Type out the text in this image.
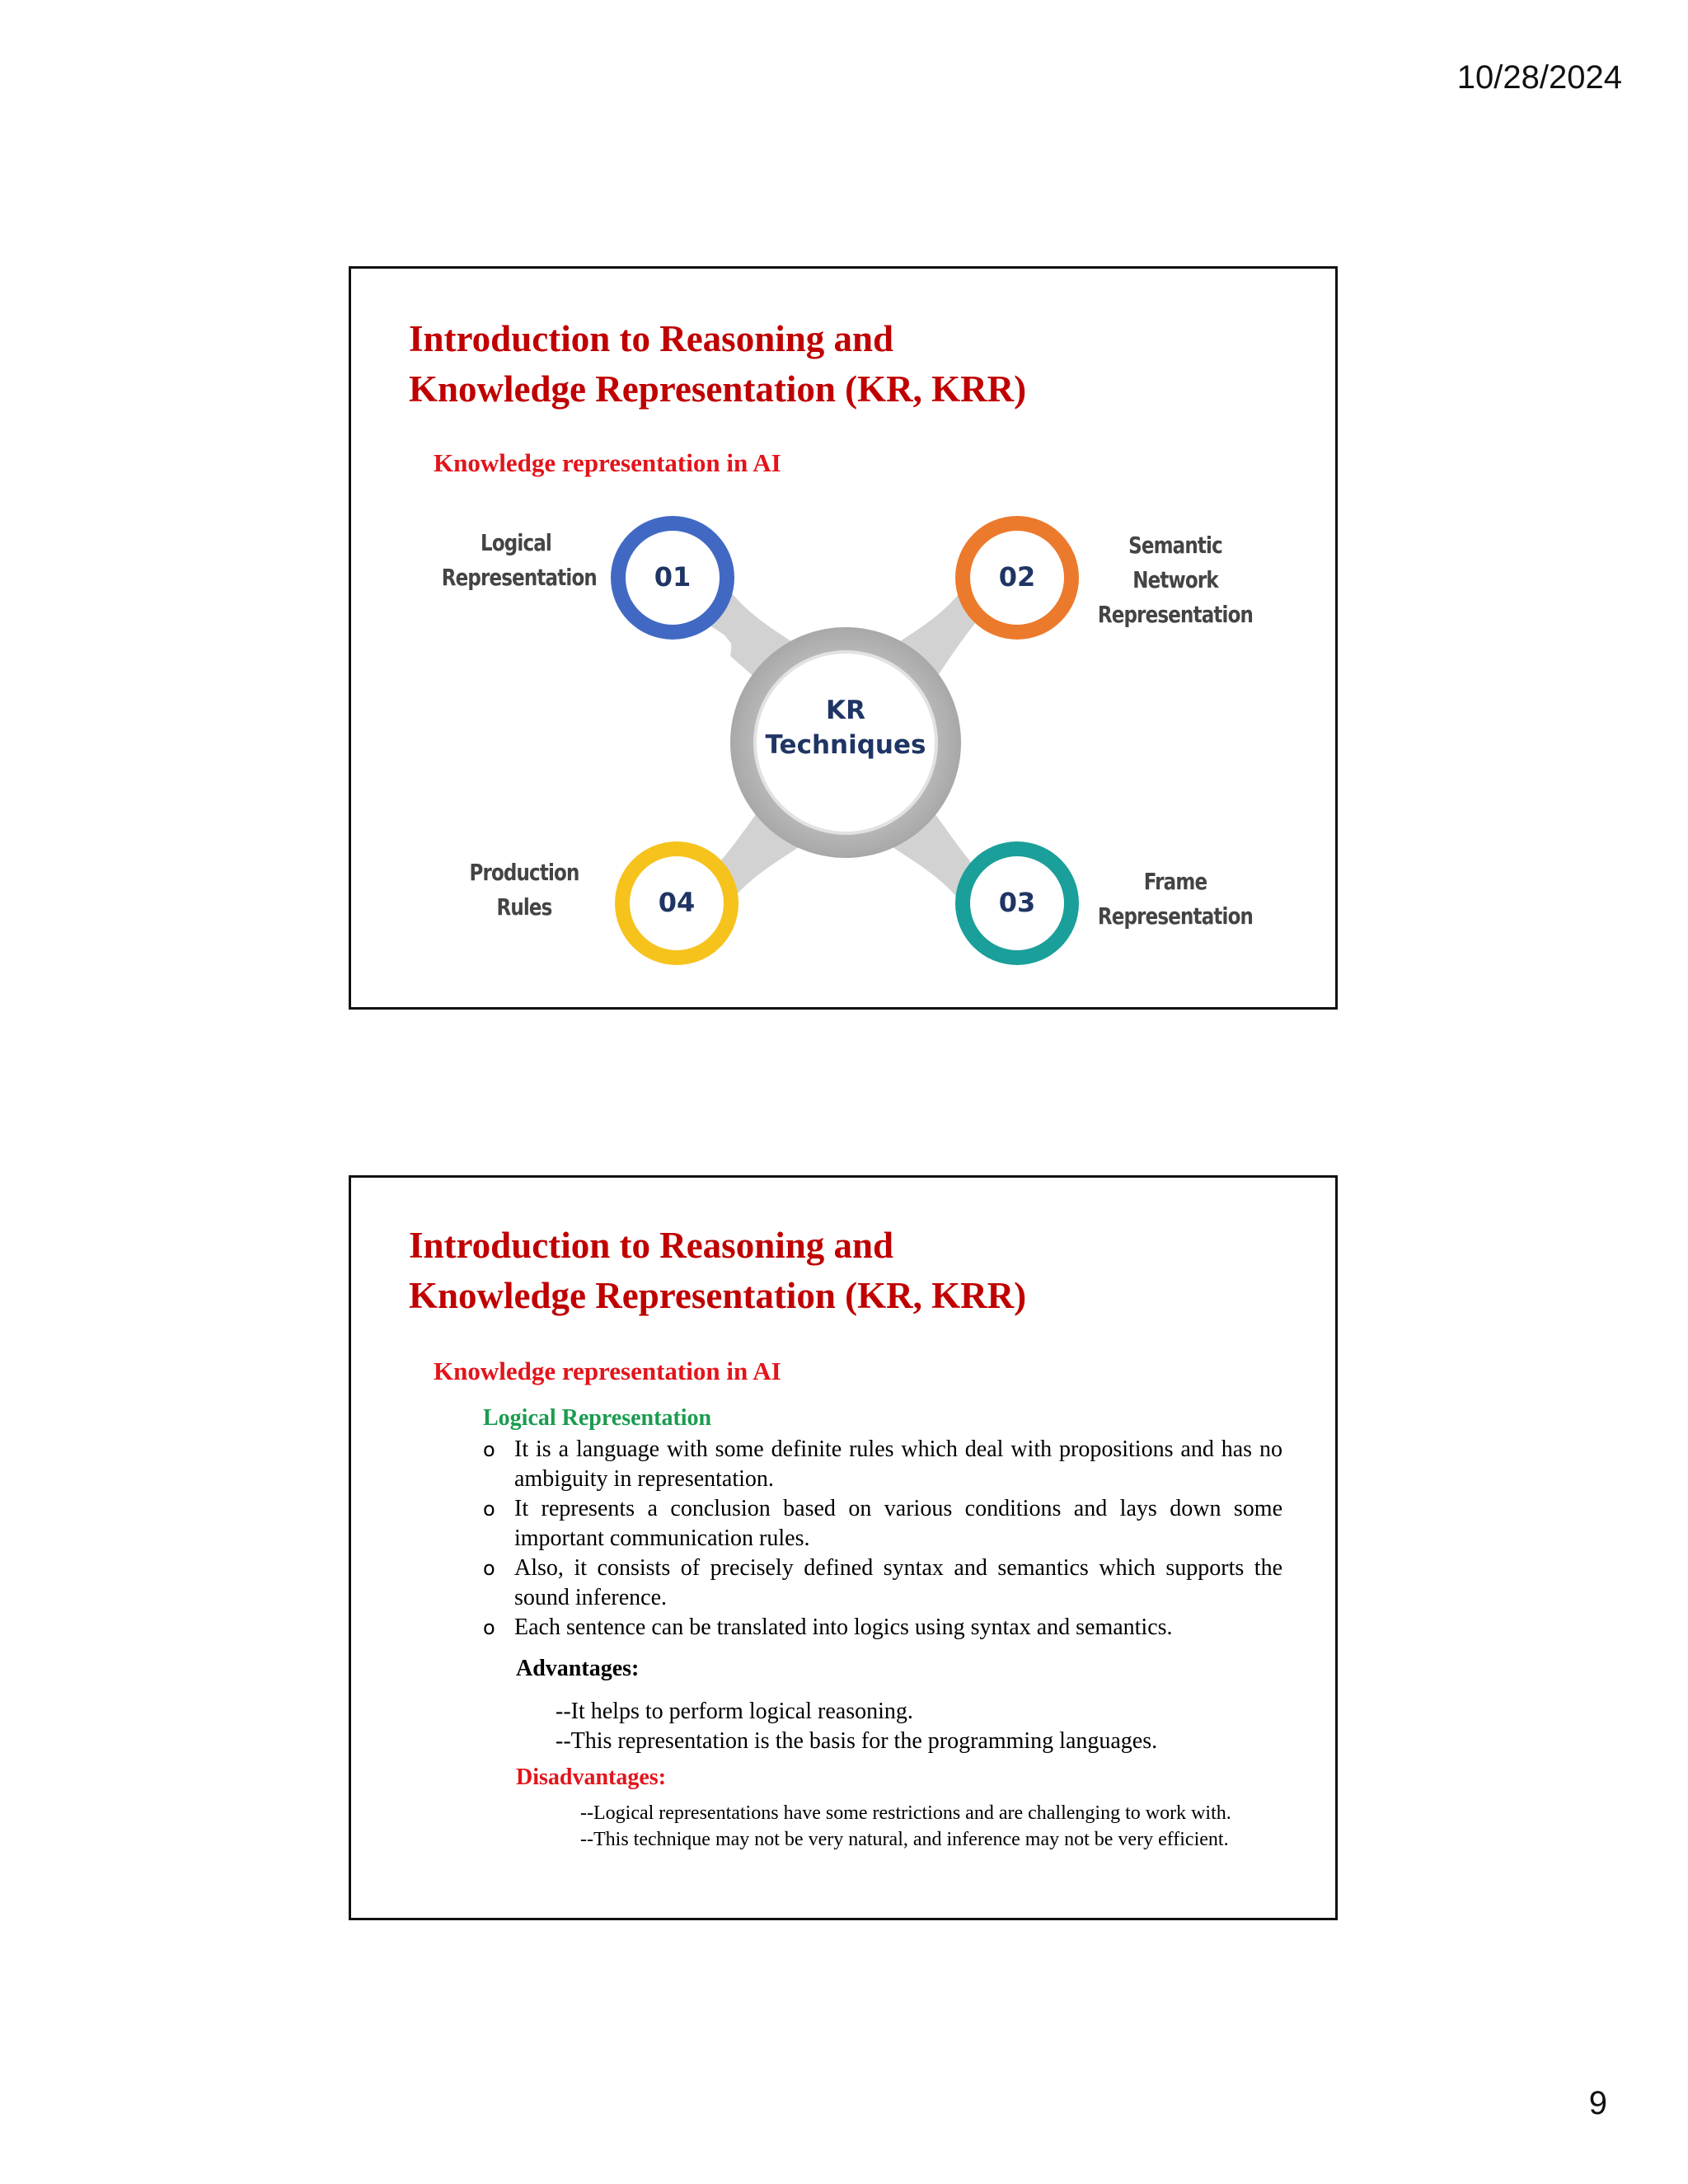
10/28/2024
Introduction to Reasoning and
Knowledge Representation (KR, KRR)
Knowledge representation in AI
KR
Techniques
01	02
03
04
Logical
Representation
Semantic
Network
Representation
Frame
Representation
Production
Rules
Introduction to Reasoning and
Knowledge Representation (KR, KRR)
Knowledge representation in AI
Logical Representation
o It is a language with some definite rules which deal with propositions and has no ambiguity in representation.
o It represents a conclusion based on various conditions and lays down some important communication rules.
o Also, it consists of precisely defined syntax and semantics which supports the sound inference.
o Each sentence can be translated into logics using syntax and semantics.
Advantages:
--It helps to perform logical reasoning.
--This representation is the basis for the programming languages.
Disadvantages:
--Logical representations have some restrictions and are challenging to work with.
--This technique may not be very natural, and inference may not be very efficient.
9
